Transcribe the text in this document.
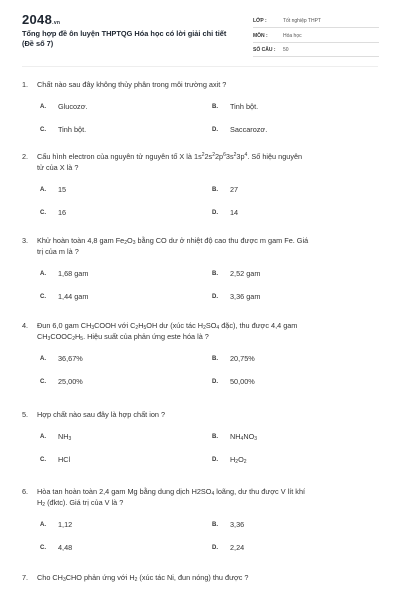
2048.vn
Tổng hợp đề ôn luyện THPTQG Hóa học có lời giải chi tiết (Đề số 7)
LỚP :	Tốt nghiệp THPT
MÔN :	Hóa học
SỐ CÂU : 50
1.	Chất nào sau đây không thủy phân trong môi trường axit ?
A. Glucozơ.	B. Tinh bột.
C. Tinh bột.	D. Saccarozơ.
2.	Cấu hình electron của nguyên tử nguyên tố X là $1s^22s^22p^63s^23p^4$. Số hiệu nguyên
tử của X là ?
A. 15	B. 27
C. 16	D. 14
3.	Khử hoàn toàn 4,8 gam $Fe_2O_3$ bằng CO dư ở nhiệt độ cao thu được m gam Fe. Giá
trị của m là ?
A. 1,68 gam	B. 2,52 gam
C. 1,44 gam	D. 3,36 gam
4.	Đun 6,0 gam $CH_3COOH$ với $C_2H_5OH$ dư (xúc tác $H_2SO_4$ đặc), thu được 4,4 gam
$CH_3COOC_2H_5$. Hiệu suất của phản ứng este hóa là ?
A. 36,67%	B. 20,75%
C. 25,00%	D. 50,00%
5.	Hợp chất nào sau đây là hợp chất ion ?
A. $NH_3$	B. $NH_4NO_3$
C. HCl	D. $H_2O_2$
6.	Hòa tan hoàn toàn 2,4 gam Mg bằng dung dịch $H2SO_4$ loãng, dư thu được V lít khí
$H_2$ (đktc). Giá trị của V là ?
A. 1,12	B. 3,36
C. 4,48	D. 2,24
7.	Cho $CH_3CHO$ phản ứng với $H_2$ (xúc tác Ni, đun nóng) thu được ?
